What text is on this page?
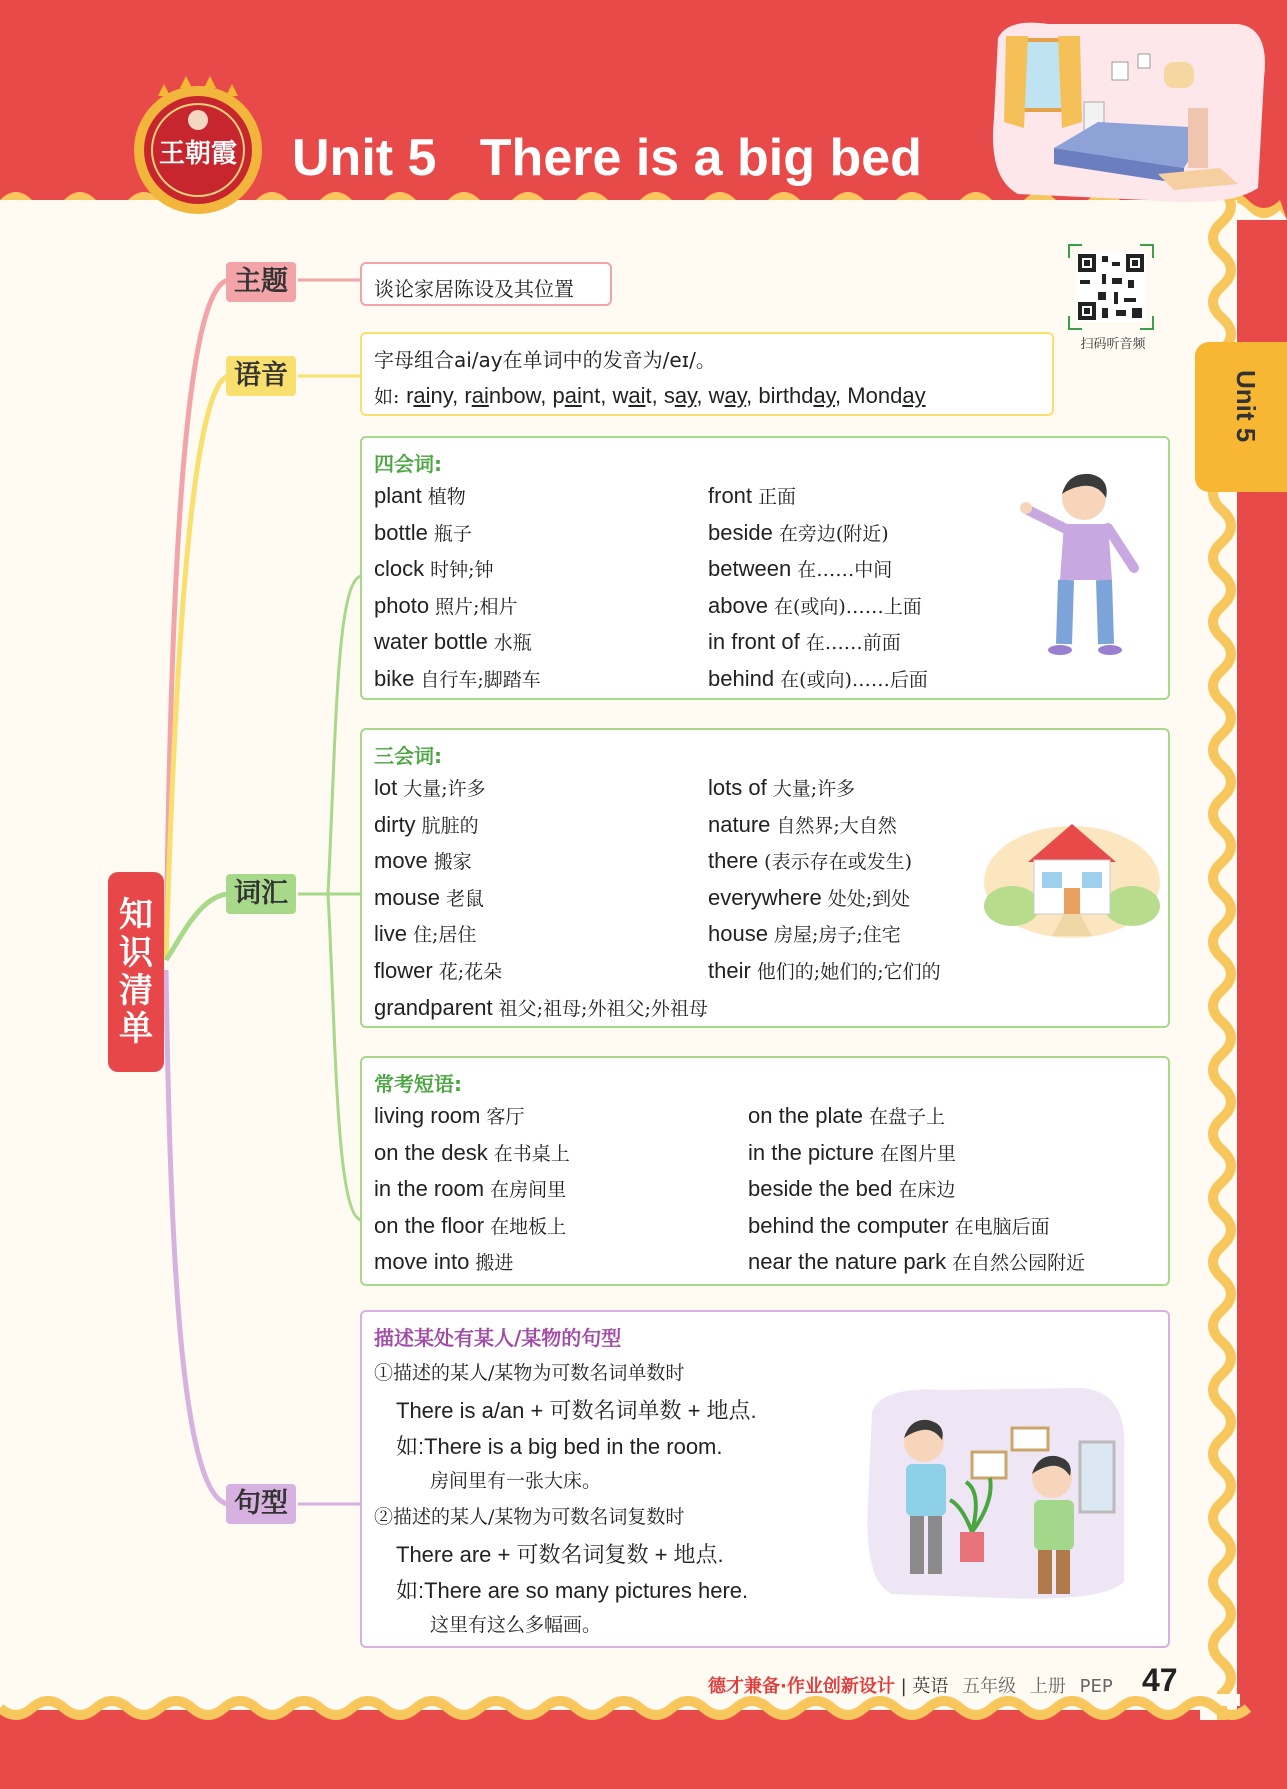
王朝霞 Unit 5   There is a big bed
Unit 5
扫码听音频
知
识
清
单
主题
语音
词汇
句型
谈论家居陈设及其位置
字母组合ai/ay在单词中的发音为/eɪ/。
如: rainy, rainbow, paint, wait, say, way, birthday, Monday
四会词:
plant 植物
bottle 瓶子
clock 时钟;钟
photo 照片;相片
water bottle 水瓶
bike 自行车;脚踏车
front 正面
beside 在旁边(附近)
between 在……中间
above 在(或向)……上面
in front of 在……前面
behind 在(或向)……后面
三会词:
lot 大量;许多
dirty 肮脏的
move 搬家
mouse 老鼠
live 住;居住
flower 花;花朵
lots of 大量;许多
nature 自然界;大自然
there (表示存在或发生)
everywhere 处处;到处
house 房屋;房子;住宅
their 他们的;她们的;它们的
grandparent 祖父;祖母;外祖父;外祖母
常考短语:
living room 客厅
on the desk 在书桌上
in the room 在房间里
on the floor 在地板上
move into 搬进
on the plate 在盘子上
in the picture 在图片里
beside the bed 在床边
behind the computer 在电脑后面
near the nature park 在自然公园附近
描述某处有某人/某物的句型
①描述的某人/某物为可数名词单数时
There is a/an + 可数名词单数 + 地点.
如:There is a big bed in the room.
房间里有一张大床。
②描述的某人/某物为可数名词复数时
There are + 可数名词复数 + 地点.
如:There are so many pictures here.
这里有这么多幅画。
德才兼备·作业创新设计 | 英语 五年级 上册 PEP 47
